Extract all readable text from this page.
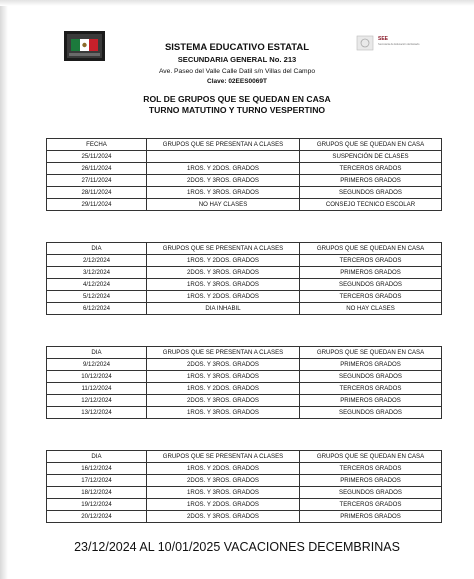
SEE
Secretaría de Educación del Estado
SISTEMA EDUCATIVO ESTATAL
SECUNDARIA GENERAL No. 213
Ave. Paseo del Valle Calle Datil s/n Villas del Campo
Clave: 02EES0069T
ROL DE GRUPOS QUE SE QUEDAN EN CASA
TURNO MATUTINO Y TURNO VESPERTINO
FECHA	GRUPOS QUE SE PRESENTAN A CLASES	GRUPOS QUE SE QUEDAN EN CASA
25/11/2024		SUSPENCIÓN DE CLASES
26/11/2024	1ROS. Y 2DOS. GRADOS	TERCEROS GRADOS
27/11/2024	2DOS. Y 3ROS. GRADOS	PRIMEROS GRADOS
28/11/2024	1ROS. Y 3ROS. GRADOS	SEGUNDOS GRADOS
29/11/2024	NO HAY CLASES	CONSEJO TECNICO ESCOLAR
DIA	GRUPOS QUE SE PRESENTAN A CLASES	GRUPOS QUE SE QUEDAN EN CASA
2/12/2024	1ROS. Y 2DOS. GRADOS	TERCEROS GRADOS
3/12/2024	2DOS. Y 3ROS. GRADOS	PRIMEROS GRADOS
4/12/2024	1ROS. Y 3ROS. GRADOS	SEGUNDOS GRADOS
5/12/2024	1ROS. Y 2DOS. GRADOS	TERCEROS GRADOS
6/12/2024	DIA INHABIL	NO HAY CLASES
DIA	GRUPOS QUE SE PRESENTAN A CLASES	GRUPOS QUE SE QUEDAN EN CASA
9/12/2024	2DOS. Y 3ROS. GRADOS	PRIMEROS GRADOS
10/12/2024	1ROS. Y 3ROS. GRADOS	SEGUNDOS GRADOS
11/12/2024	1ROS. Y 2DOS. GRADOS	TERCEROS GRADOS
12/12/2024	2DOS. Y 3ROS. GRADOS	PRIMEROS GRADOS
13/12/2024	1ROS. Y 3ROS. GRADOS	SEGUNDOS GRADOS
DIA	GRUPOS QUE SE PRESENTAN A CLASES	GRUPOS QUE SE QUEDAN EN CASA
16/12/2024	1ROS. Y 2DOS. GRADOS	TERCEROS GRADOS
17/12/2024	2DOS. Y 3ROS. GRADOS	PRIMEROS GRADOS
18/12/2024	1ROS. Y 3ROS. GRADOS	SEGUNDOS GRADOS
19/12/2024	1ROS. Y 2DOS. GRADOS	TERCEROS GRADOS
20/12/2024	2DOS. Y 3ROS. GRADOS	PRIMEROS GRADOS
23/12/2024 AL 10/01/2025 VACACIONES DECEMBRINAS
